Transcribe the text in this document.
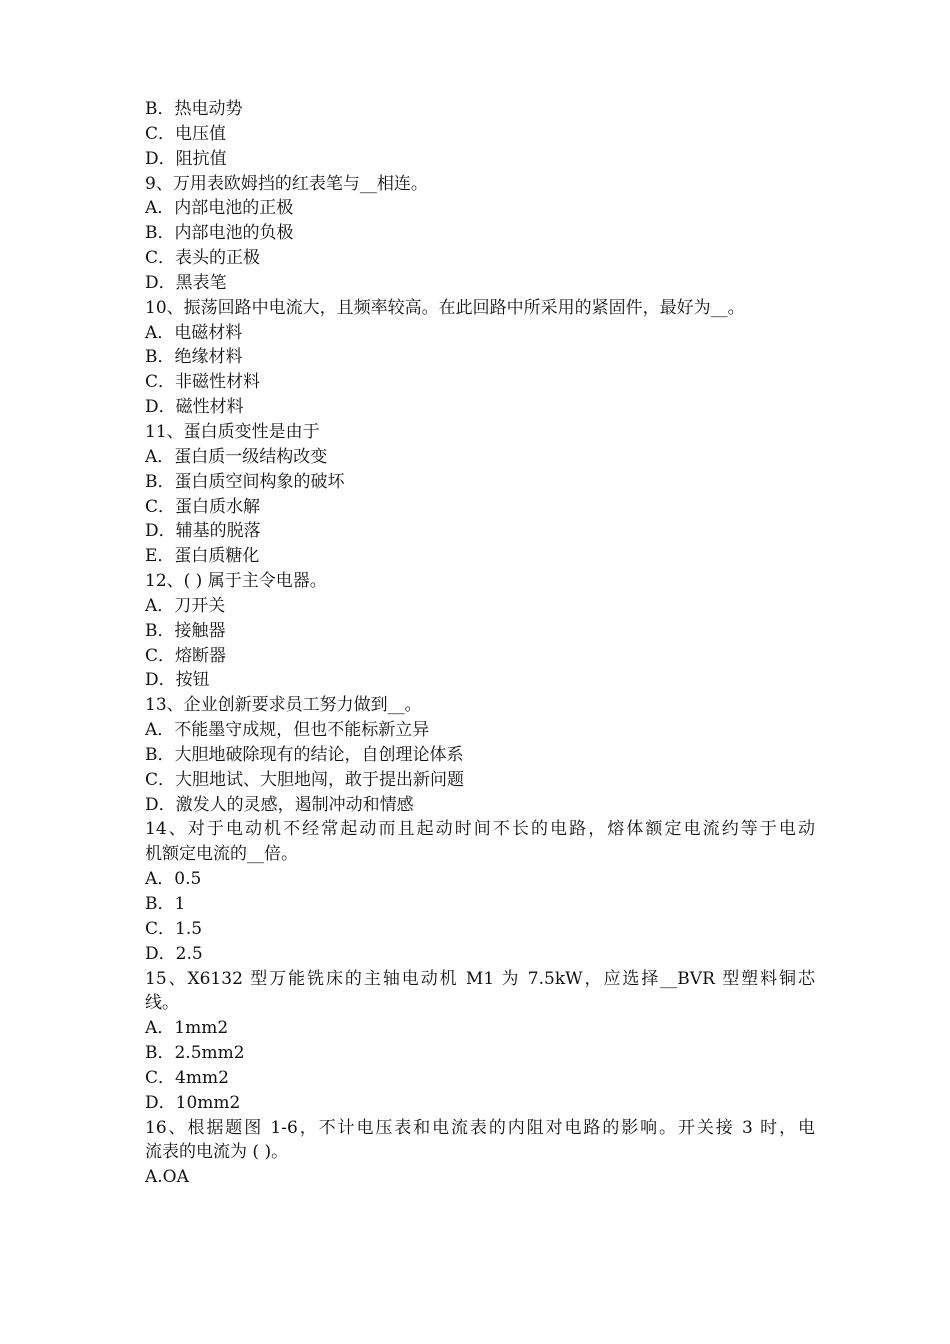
B．热电动势
C．电压值
D．阻抗值
9、万用表欧姆挡的红表笔与__相连。
A．内部电池的正极
B．内部电池的负极
C．表头的正极
D．黑表笔
10、振荡回路中电流大，且频率较高。在此回路中所采用的紧固件，最好为__。
A．电磁材料
B．绝缘材料
C．非磁性材料
D．磁性材料
11、蛋白质变性是由于
A．蛋白质一级结构改变
B．蛋白质空间构象的破坏
C．蛋白质水解
D．辅基的脱落
E．蛋白质糖化
12、( ) 属于主令电器。
A．刀开关
B．接触器
C．熔断器
D．按钮
13、企业创新要求员工努力做到__。
A．不能墨守成规，但也不能标新立异
B．大胆地破除现有的结论，自创理论体系
C．大胆地试、大胆地闯，敢于提出新问题
D．激发人的灵感，遏制冲动和情感
14、对于电动机不经常起动而且起动时间不长的电路，熔体额定电流约等于电动
机额定电流的__倍。
A．0.5
B．1
C．1.5
D．2.5
15、X6132 型万能铣床的主轴电动机 M1 为 7.5kW，应选择__BVR 型塑料铜芯
线。
A．1mm2
B．2.5mm2
C．4mm2
D．10mm2
16、根据题图 1-6，不计电压表和电流表的内阻对电路的影响。开关接 3 时，电
流表的电流为 ( )。
A.OA
